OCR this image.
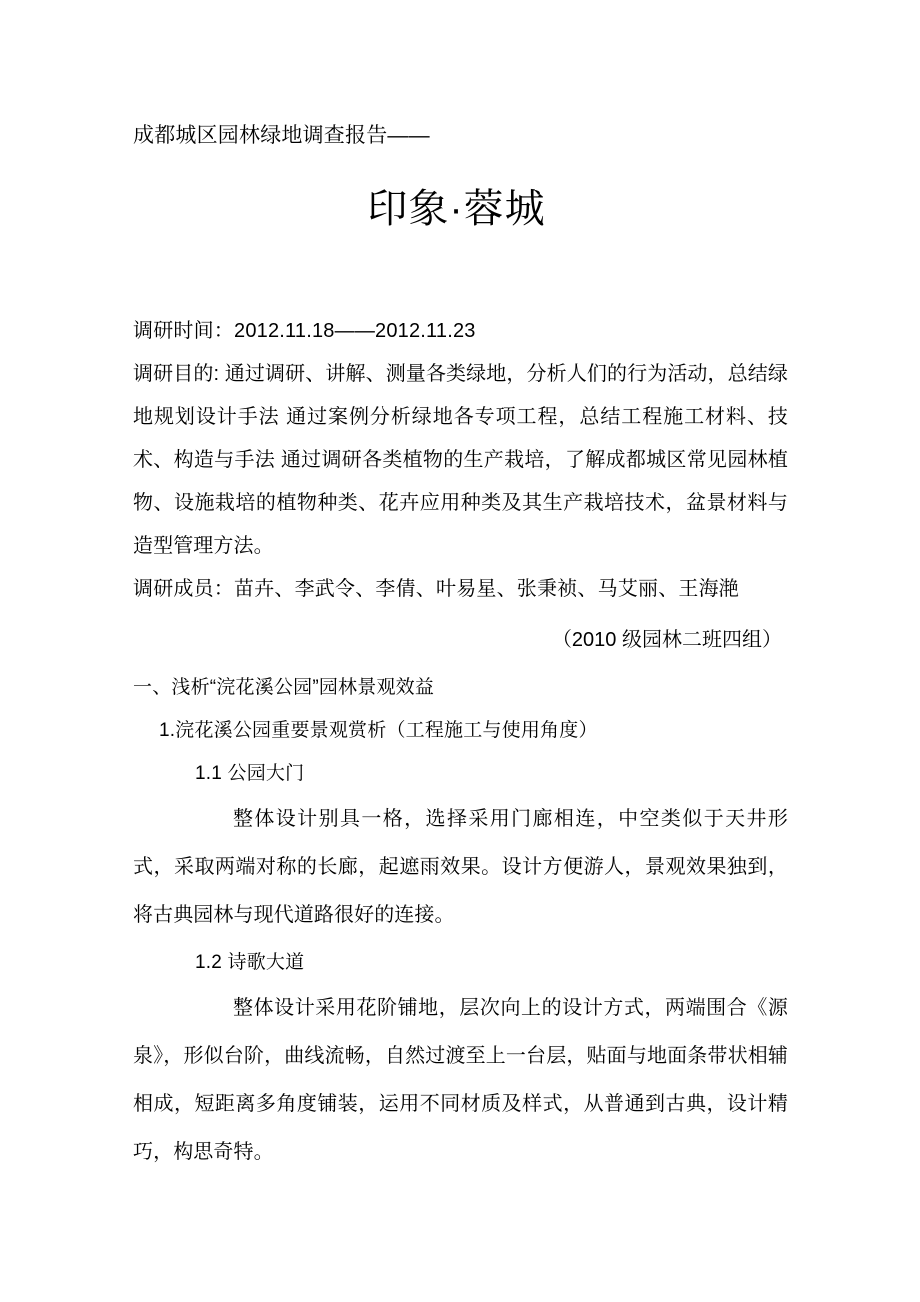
成都城区园林绿地调查报告——

印象·蓉城

调研时间：2012.11.18——2012.11.23

调研目的: 通过调研、讲解、测量各类绿地，分析人们的行为活动，总结绿地规划设计手法 通过案例分析绿地各专项工程，总结工程施工材料、技术、构造与手法 通过调研各类植物的生产栽培，了解成都城区常见园林植物、设施栽培的植物种类、花卉应用种类及其生产栽培技术，盆景材料与造型管理方法。

调研成员：苗卉、李武令、李倩、叶易星、张秉祯、马艾丽、王海滟

（2010 级园林二班四组）

一、浅析“浣花溪公园”园林景观效益
1.浣花溪公园重要景观赏析（工程施工与使用角度）
1.1 公园大门

整体设计别具一格，选择采用门廊相连，中空类似于天井形式，采取两端对称的长廊，起遮雨效果。设计方便游人，景观效果独到，将古典园林与现代道路很好的连接。

1.2 诗歌大道

整体设计采用花阶铺地，层次向上的设计方式，两端围合《源泉》，形似台阶，曲线流畅，自然过渡至上一台层，贴面与地面条带状相辅相成，短距离多角度铺装，运用不同材质及样式，从普通到古典，设计精巧，构思奇特。
